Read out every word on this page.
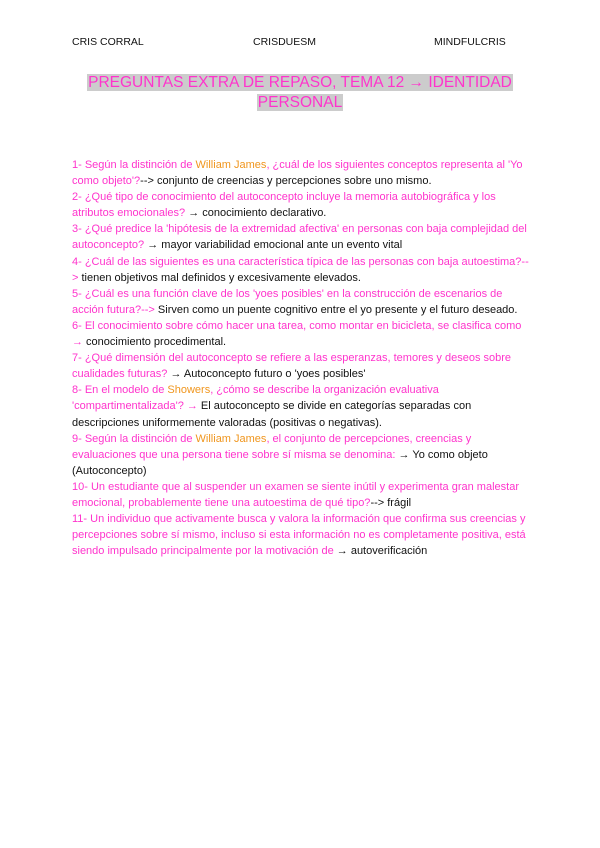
CRIS CORRAL	CRISDUESM	MINDFULCRIS
PREGUNTAS EXTRA DE REPASO, TEMA 12 → IDENTIDAD
PERSONAL

1- Según la distinción de William James, ¿cuál de los siguientes conceptos representa al 'Yo como objeto'?--> conjunto de creencias y percepciones sobre uno mismo.

2- ¿Qué tipo de conocimiento del autoconcepto incluye la memoria autobiográfica y los atributos emocionales? → conocimiento declarativo.

3- ¿Qué predice la 'hipótesis de la extremidad afectiva' en personas con baja complejidad del autoconcepto? → mayor variabilidad emocional ante un evento vital

4- ¿Cuál de las siguientes es una característica típica de las personas con baja autoestima?--> tienen objetivos mal definidos y excesivamente elevados.

5- ¿Cuál es una función clave de los 'yoes posibles' en la construcción de escenarios de acción futura?--> Sirven como un puente cognitivo entre el yo presente y el futuro deseado.

6- El conocimiento sobre cómo hacer una tarea, como montar en bicicleta, se clasifica como → conocimiento procedimental.

7- ¿Qué dimensión del autoconcepto se refiere a las esperanzas, temores y deseos sobre cualidades futuras? → Autoconcepto futuro o 'yoes posibles'

8- En el modelo de Showers, ¿cómo se describe la organización evaluativa 'compartimentalizada'? → El autoconcepto se divide en categorías separadas con descripciones uniformemente valoradas (positivas o negativas).

9- Según la distinción de William James, el conjunto de percepciones, creencias y evaluaciones que una persona tiene sobre sí misma se denomina: → Yo como objeto (Autoconcepto)

10- Un estudiante que al suspender un examen se siente inútil y experimenta gran malestar emocional, probablemente tiene una autoestima de qué tipo?--> frágil

11- Un individuo que activamente busca y valora la información que confirma sus creencias y percepciones sobre sí mismo, incluso si esta información no es completamente positiva, está siendo impulsado principalmente por la motivación de → autoverificación
